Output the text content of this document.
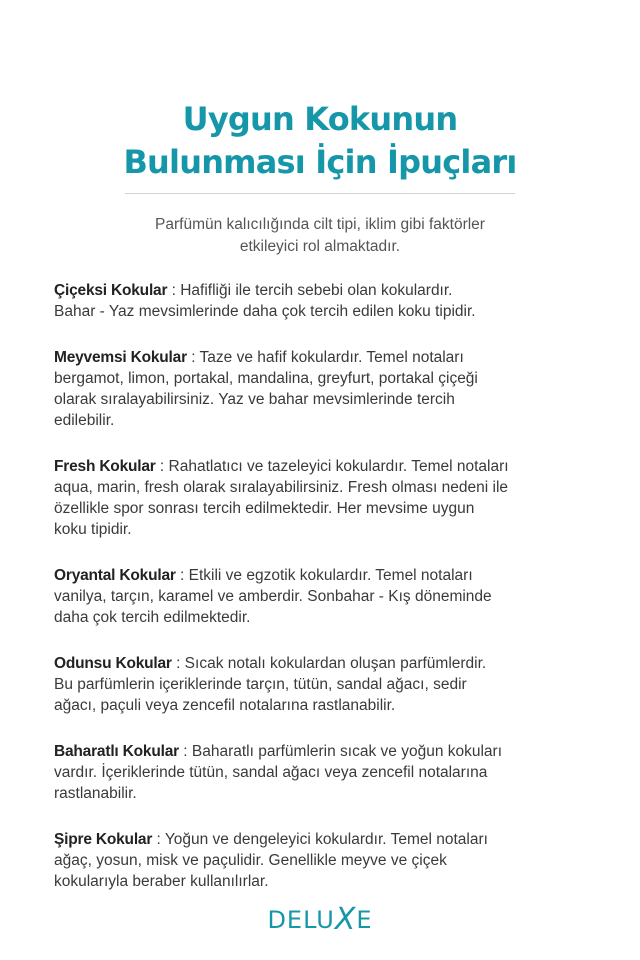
Uygun Kokunun
Bulunması İçin İpuçları

Parfümün kalıcılığında cilt tipi, iklim gibi faktörler
etkileyici rol almaktadır.

Çiçeksi Kokular : Hafifliği ile tercih sebebi olan kokulardır.
Bahar - Yaz mevsimlerinde daha çok tercih edilen koku tipidir.
Meyvemsi Kokular : Taze ve hafif kokulardır. Temel notaları
bergamot, limon, portakal, mandalina, greyfurt, portakal çiçeği
olarak sıralayabilirsiniz. Yaz ve bahar mevsimlerinde tercih
edilebilir.
Fresh Kokular : Rahatlatıcı ve tazeleyici kokulardır. Temel notaları
aqua, marin, fresh olarak sıralayabilirsiniz. Fresh olması nedeni ile
özellikle spor sonrası tercih edilmektedir. Her mevsime uygun
koku tipidir.
Oryantal Kokular : Etkili ve egzotik kokulardır. Temel notaları
vanilya, tarçın, karamel ve amberdir. Sonbahar - Kış döneminde
daha çok tercih edilmektedir.
Odunsu Kokular : Sıcak notalı kokulardan oluşan parfümlerdir.
Bu parfümlerin içeriklerinde tarçın, tütün, sandal ağacı, sedir
ağacı, paçuli veya zencefil notalarına rastlanabilir.
Baharatlı Kokular : Baharatlı parfümlerin sıcak ve yoğun kokuları
vardır. İçeriklerinde tütün, sandal ağacı veya zencefil notalarına
rastlanabilir.
Şipre Kokular : Yoğun ve dengeleyici kokulardır. Temel notaları
ağaç, yosun, misk ve paçulidir. Genellikle meyve ve çiçek
kokularıyla beraber kullanılırlar.
DELUXE
